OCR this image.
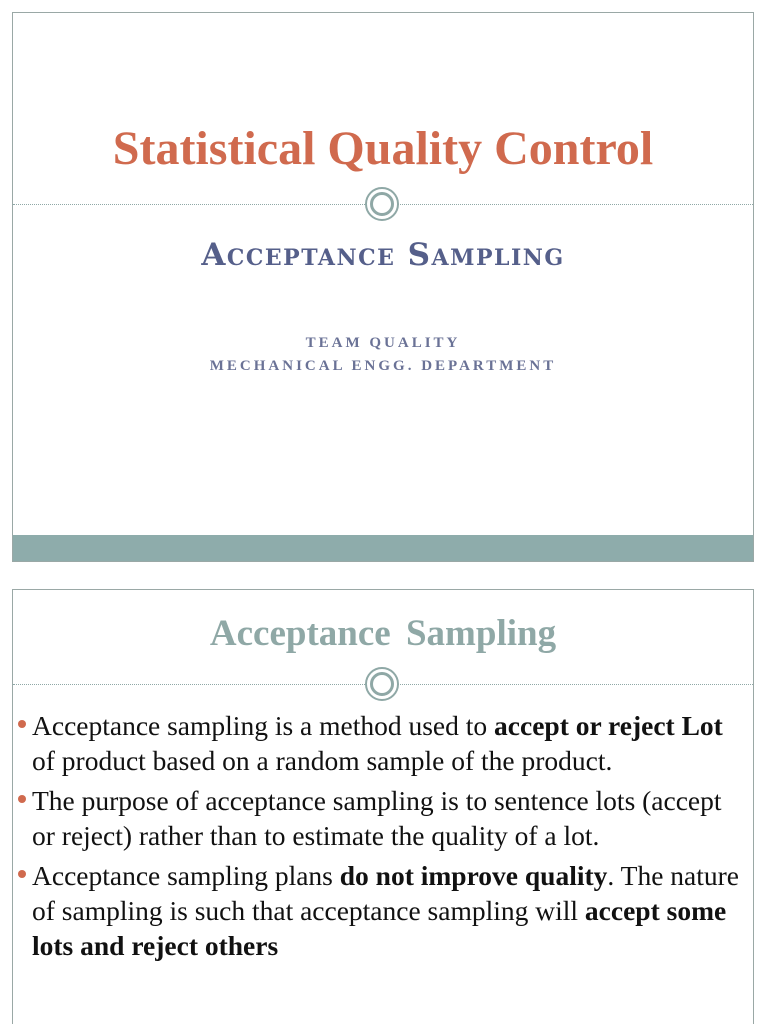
Statistical Quality Control
Acceptance Sampling
TEAM QUALITY
MECHANICAL ENGG. DEPARTMENT
Acceptance Sampling
Acceptance sampling is a method used to accept or reject Lot of product based on a random sample of the product.
The purpose of acceptance sampling is to sentence lots (accept or reject) rather than to estimate the quality of a lot.
Acceptance sampling plans do not improve quality. The nature of sampling is such that acceptance sampling will accept some lots and reject others
